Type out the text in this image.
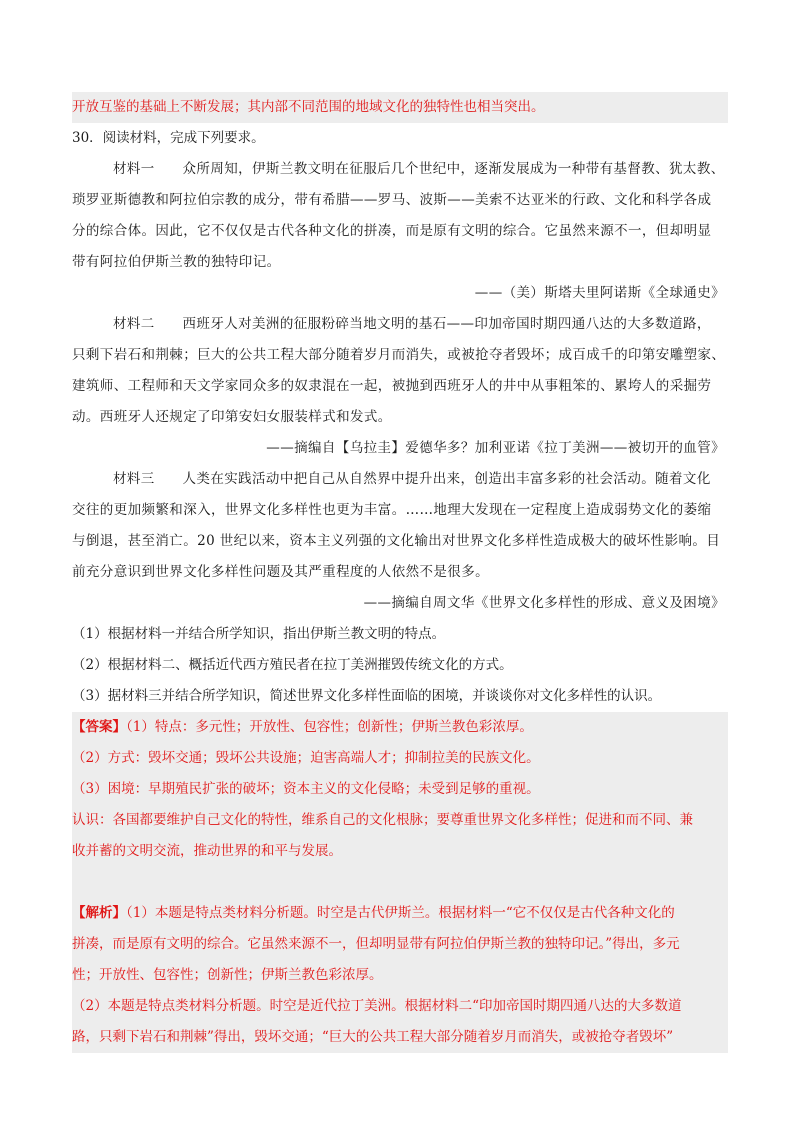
开放互鉴的基础上不断发展；其内部不同范围的地域文化的独特性也相当突出。
30．阅读材料，完成下列要求。
材料一　　 众所周知，伊斯兰教文明在征服后几个世纪中，逐渐发展成为一种带有基督教、犹太教、
琐罗亚斯德教和阿拉伯宗教的成分，带有希腊——罗马、波斯——美索不达亚米的行政、文化和科学各成
分的综合体。因此，它不仅仅是古代各种文化的拼凑，而是原有文明的综合。它虽然来源不一，但却明显
带有阿拉伯伊斯兰教的独特印记。
——（美）斯塔夫里阿诺斯《全球通史》
材料二　　 西班牙人对美洲的征服粉碎当地文明的基石——印加帝国时期四通八达的大多数道路，
只剩下岩石和荆棘；巨大的公共工程大部分随着岁月而消失，或被抢夺者毁坏；成百成千的印第安雕塑家、
建筑师、工程师和天文学家同众多的奴隶混在一起，被抛到西班牙人的井中从事粗笨的、累垮人的采掘劳
动。西班牙人还规定了印第安妇女服装样式和发式。
——摘编自【乌拉圭】爱德华多？加利亚诺《拉丁美洲——被切开的血管》
材料三　　 人类在实践活动中把自己从自然界中提升出来，创造出丰富多彩的社会活动。随着文化
交往的更加频繁和深入，世界文化多样性也更为丰富。……地理大发现在一定程度上造成弱势文化的萎缩
与倒退，甚至消亡。20 世纪以来，资本主义列强的文化输出对世界文化多样性造成极大的破坏性影响。目
前充分意识到世界文化多样性问题及其严重程度的人依然不是很多。
——摘编自周文华《世界文化多样性的形成、意义及困境》
（1）根据材料一并结合所学知识，指出伊斯兰教文明的特点。
（2）根据材料二、概括近代西方殖民者在拉丁美洲摧毁传统文化的方式。
（3）据材料三并结合所学知识，简述世界文化多样性面临的困境，并谈谈你对文化多样性的认识。
【答案】（1）特点：多元性；开放性、包容性；创新性；伊斯兰教色彩浓厚。
（2）方式：毁坏交通；毁坏公共设施；迫害高端人才；抑制拉美的民族文化。
（3）困境：早期殖民扩张的破坏；资本主义的文化侵略；未受到足够的重视。
认识：各国都要维护自己文化的特性，维系自己的文化根脉；要尊重世界文化多样性；促进和而不同、兼
收并蓄的文明交流，推动世界的和平与发展。
【解析】（1）本题是特点类材料分析题。时空是古代伊斯兰。根据材料一“它不仅仅是古代各种文化的
拼凑，而是原有文明的综合。它虽然来源不一，但却明显带有阿拉伯伊斯兰教的独特印记。”得出，多元
性；开放性、包容性；创新性；伊斯兰教色彩浓厚。
（2）本题是特点类材料分析题。时空是近代拉丁美洲。根据材料二“印加帝国时期四通八达的大多数道
路，只剩下岩石和荆棘”得出，毁坏交通；“巨大的公共工程大部分随着岁月而消失，或被抢夺者毁坏”
